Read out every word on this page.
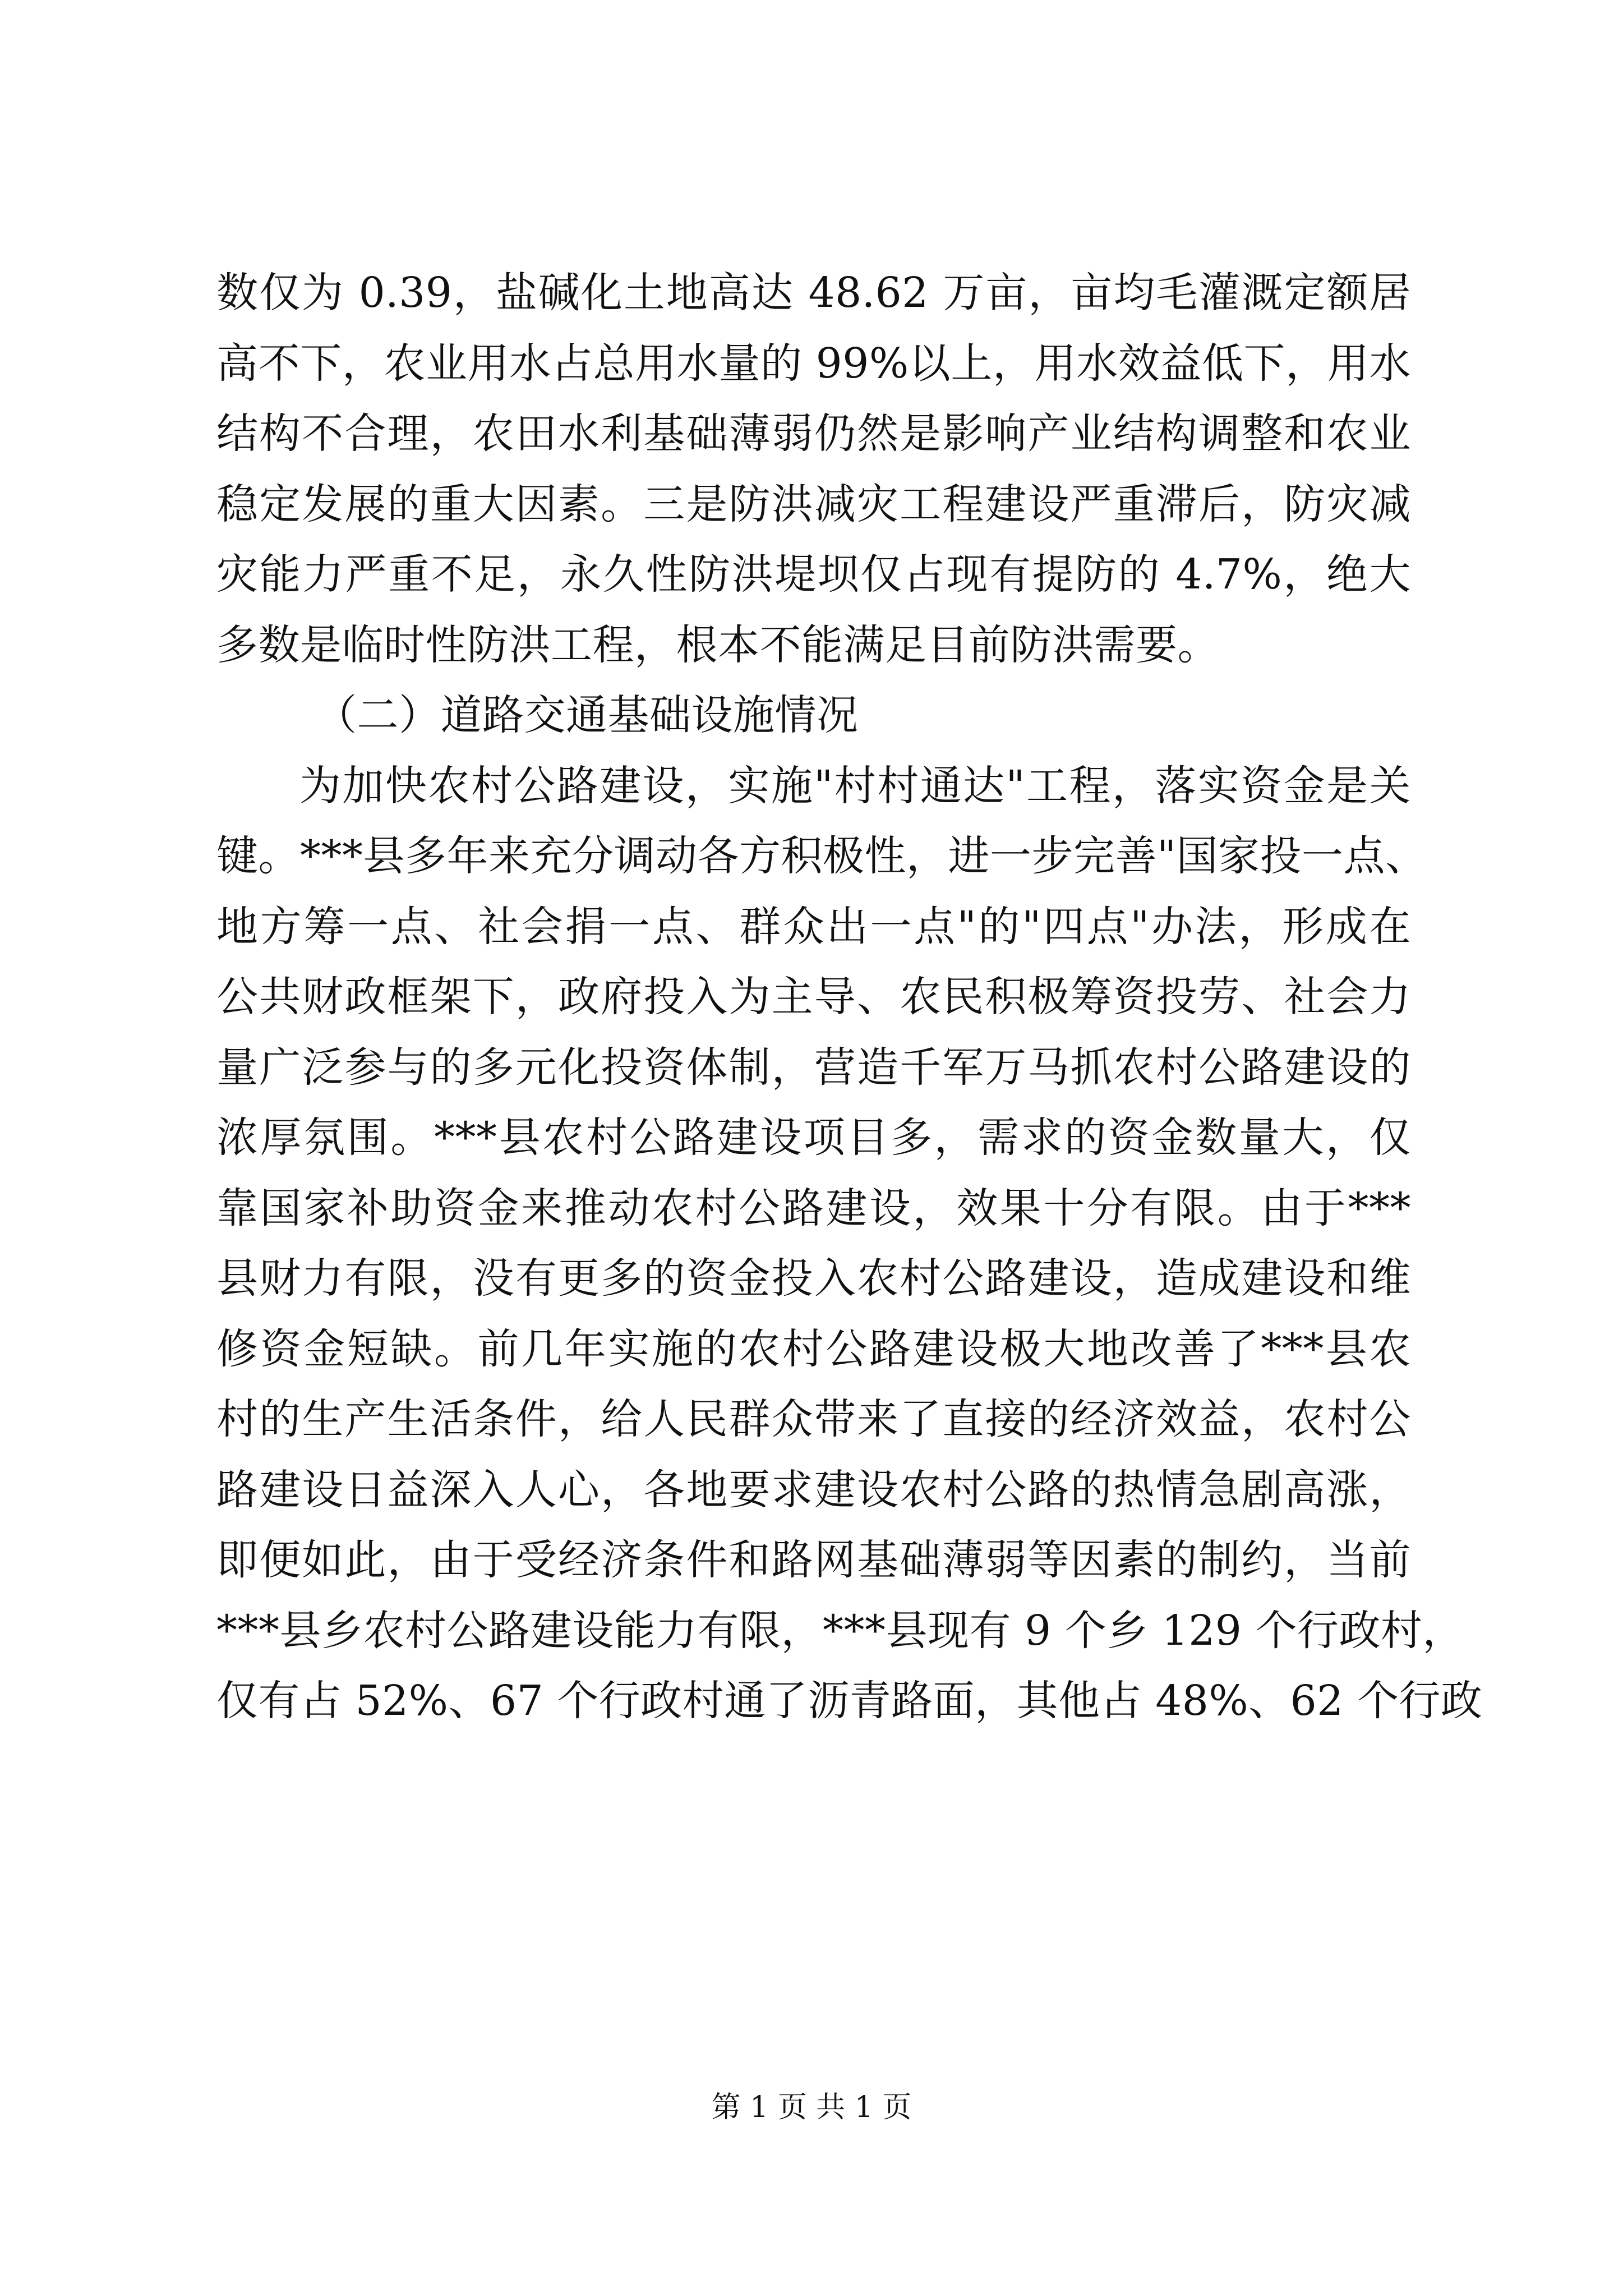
数仅为 0.39，盐碱化土地高达 48.62 万亩，亩均毛灌溉定额居
高不下，农业用水占总用水量的 99%以上，用水效益低下，用水
结构不合理，农田水利基础薄弱仍然是影响产业结构调整和农业
稳定发展的重大因素。三是防洪减灾工程建设严重滞后，防灾减
灾能力严重不足，永久性防洪堤坝仅占现有提防的 4.7%，绝大
多数是临时性防洪工程，根本不能满足目前防洪需要。
（二）道路交通基础设施情况
为加快农村公路建设，实施"村村通达"工程，落实资金是关
键。***县多年来充分调动各方积极性，进一步完善"国家投一点、
地方筹一点、社会捐一点、群众出一点"的"四点"办法，形成在
公共财政框架下，政府投入为主导、农民积极筹资投劳、社会力
量广泛参与的多元化投资体制，营造千军万马抓农村公路建设的
浓厚氛围。***县农村公路建设项目多，需求的资金数量大，仅
靠国家补助资金来推动农村公路建设，效果十分有限。由于***
县财力有限，没有更多的资金投入农村公路建设，造成建设和维
修资金短缺。前几年实施的农村公路建设极大地改善了***县农
村的生产生活条件，给人民群众带来了直接的经济效益，农村公
路建设日益深入人心，各地要求建设农村公路的热情急剧高涨，
即便如此，由于受经济条件和路网基础薄弱等因素的制约，当前
***县乡农村公路建设能力有限，***县现有 9 个乡 129 个行政村，
仅有占 52%、67 个行政村通了沥青路面，其他占 48%、62 个行政
第 1 页 共 1 页
